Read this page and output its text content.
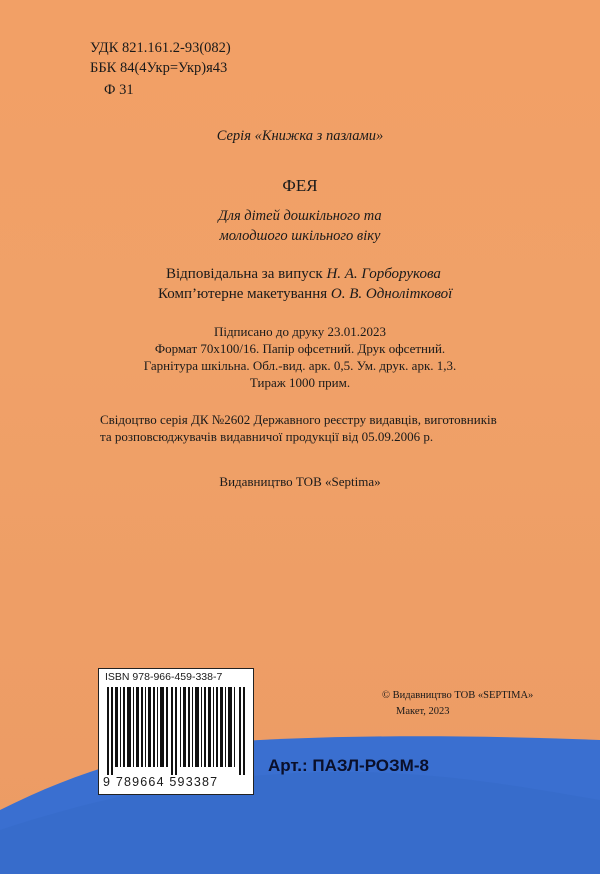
УДК 821.161.2-93(082)
ББК 84(4Укр=Укр)я43
Ф 31
Серія «Книжка з пазлами»
ФЕЯ
Для дітей дошкільного та
молодшого шкільного віку
Відповідальна за випуск Н. А. Горборукова
Комп’ютерне макетування О. В. Одноліткової
Підписано до друку 23.01.2023
Формат 70х100/16. Папір офсетний. Друк офсетний.
Гарнітура шкільна. Обл.-вид. арк. 0,5. Ум. друк. арк. 1,3.
Тираж 1000 прим.
Свідоцтво серія ДК №2602 Державного реєстру видавців, виготовників
та розповсюджувачів видавничої продукції від 05.09.2006 р.
Видавництво ТОВ «Septima»
ISBN 978-966-459-338-7
9 789664 593387
© Видавництво ТОВ «SEPTIMA»
Макет, 2023
Арт.: ПАЗЛ-РОЗМ-8
